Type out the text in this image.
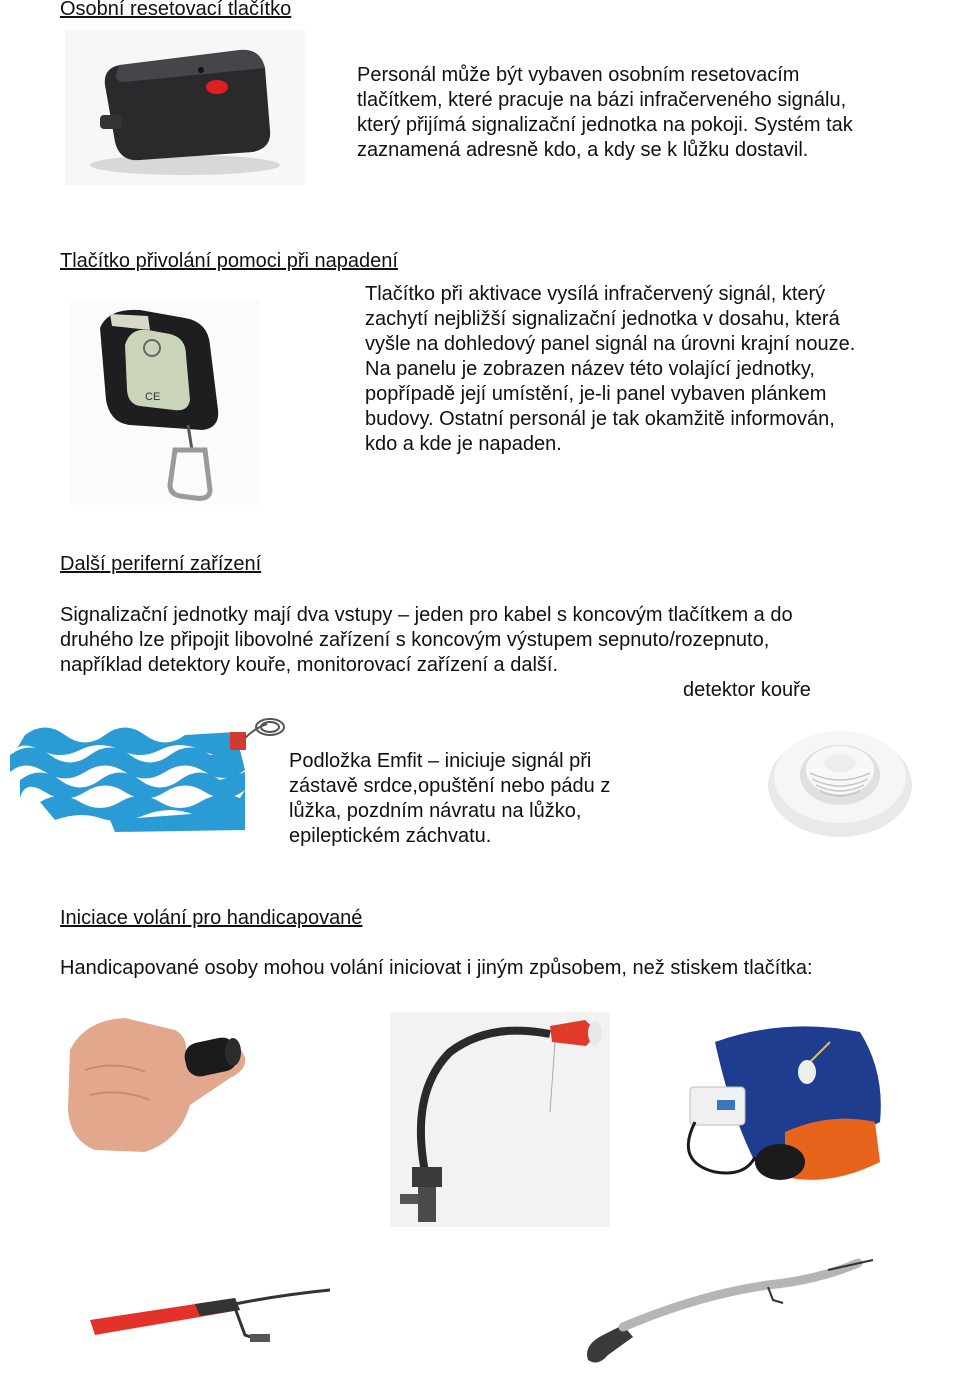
Osobní resetovací tlačítko

Personál může být vybaven osobním resetovacím

tlačítkem, které pracuje na bázi infračerveného signálu,

který přijímá signalizační jednotka na pokoji. Systém tak

zaznamená adresně kdo, a kdy se k lůžku dostavil.

Tlačítko přivolání pomoci při napadení
CE

Tlačítko při aktivace vysílá infračervený signál, který

zachytí nejbližší signalizační jednotka v dosahu, která

vyšle na dohledový panel signál na úrovni krajní nouze.

Na panelu je zobrazen název této volající jednotky,

popřípadě její umístění, je-li panel vybaven plánkem

budovy. Ostatní personál je tak okamžitě informován,

kdo a kde je napaden.

Další periferní zařízení

Signalizační jednotky mají dva vstupy – jeden pro kabel s koncovým tlačítkem a do

druhého lze připojit libovolné zařízení s koncovým výstupem sepnuto/rozepnuto,

například detektory kouře, monitorovací zařízení a další.

detektor kouře

Podložka Emfit – iniciuje signál při

zástavě srdce,opuštění nebo pádu z

lůžka, pozdním návratu na lůžko,

epileptickém záchvatu.

Iniciace volání pro handicapované
Handicapované osoby mohou volání iniciovat i jiným způsobem, než stiskem tlačítka:
